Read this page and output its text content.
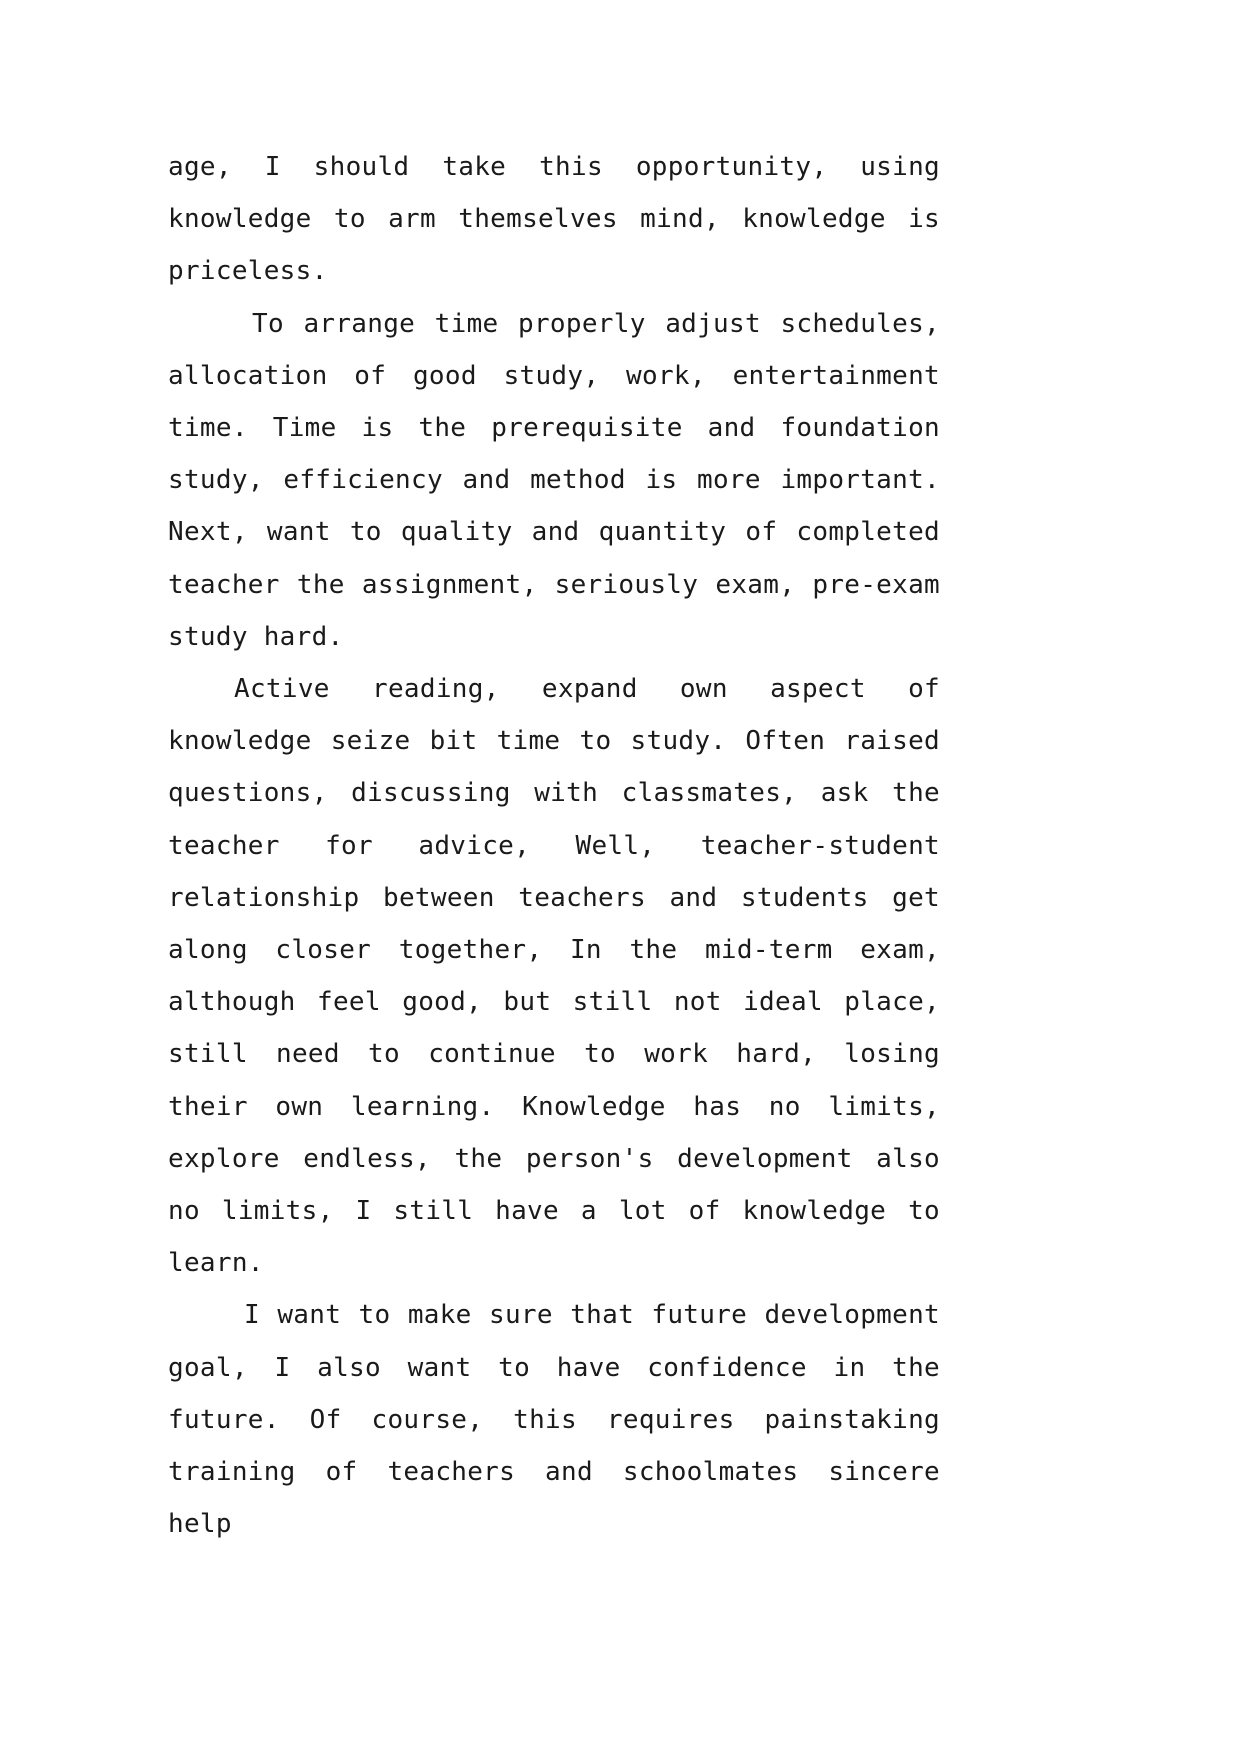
age, I should take this opportunity, using knowledge to arm themselves mind, knowledge is priceless.

To arrange time properly adjust schedules, allocation of good study, work, entertainment time. Time is the prerequisite and foundation study, efficiency and method is more important. Next, want to quality and quantity of completed teacher the assignment, seriously exam, pre-exam study hard.

Active reading, expand own aspect of knowledge seize bit time to study. Often raised questions, discussing with classmates, ask the teacher for advice, Well, teacher-student relationship between teachers and students get along closer together, In the mid-term exam, although feel good, but still not ideal place, still need to continue to work hard, losing their own learning. Knowledge has no limits, explore endless, the person's development also no limits, I still have a lot of knowledge to learn.

I want to make sure that future development goal, I also want to have confidence in the future. Of course, this requires painstaking training of teachers and schoolmates sincere help
